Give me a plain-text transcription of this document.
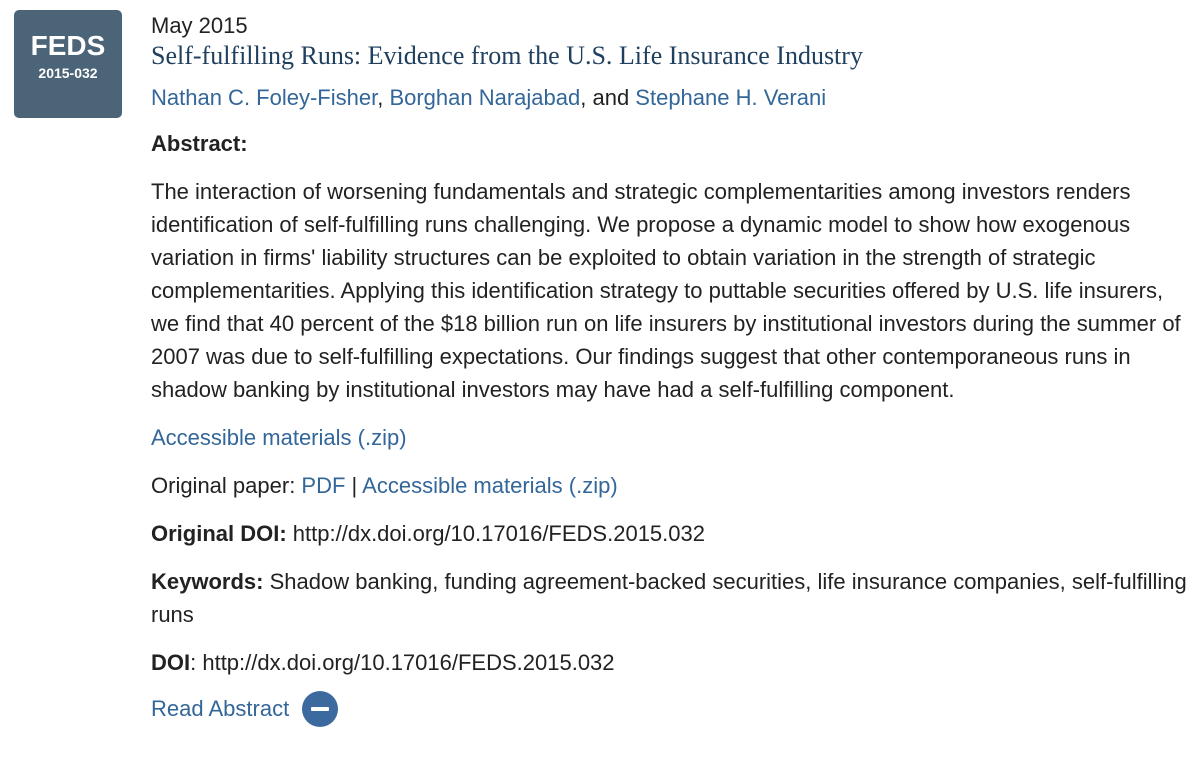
FEDS
2015-032
May 2015
Self-fulfilling Runs: Evidence from the U.S. Life Insurance Industry
Nathan C. Foley-Fisher, Borghan Narajabad, and Stephane H. Verani
Abstract:
The interaction of worsening fundamentals and strategic complementarities among investors renders identification of self-fulfilling runs challenging. We propose a dynamic model to show how exogenous variation in firms' liability structures can be exploited to obtain variation in the strength of strategic complementarities. Applying this identification strategy to puttable securities offered by U.S. life insurers, we find that 40 percent of the $18 billion run on life insurers by institutional investors during the summer of 2007 was due to self-fulfilling expectations. Our findings suggest that other contemporaneous runs in shadow banking by institutional investors may have had a self-fulfilling component.
Accessible materials (.zip)
Original paper: PDF | Accessible materials (.zip)
Original DOI: http://dx.doi.org/10.17016/FEDS.2015.032
Keywords: Shadow banking, funding agreement-backed securities, life insurance companies, self-fulfilling runs
DOI: http://dx.doi.org/10.17016/FEDS.2015.032
Read Abstract
